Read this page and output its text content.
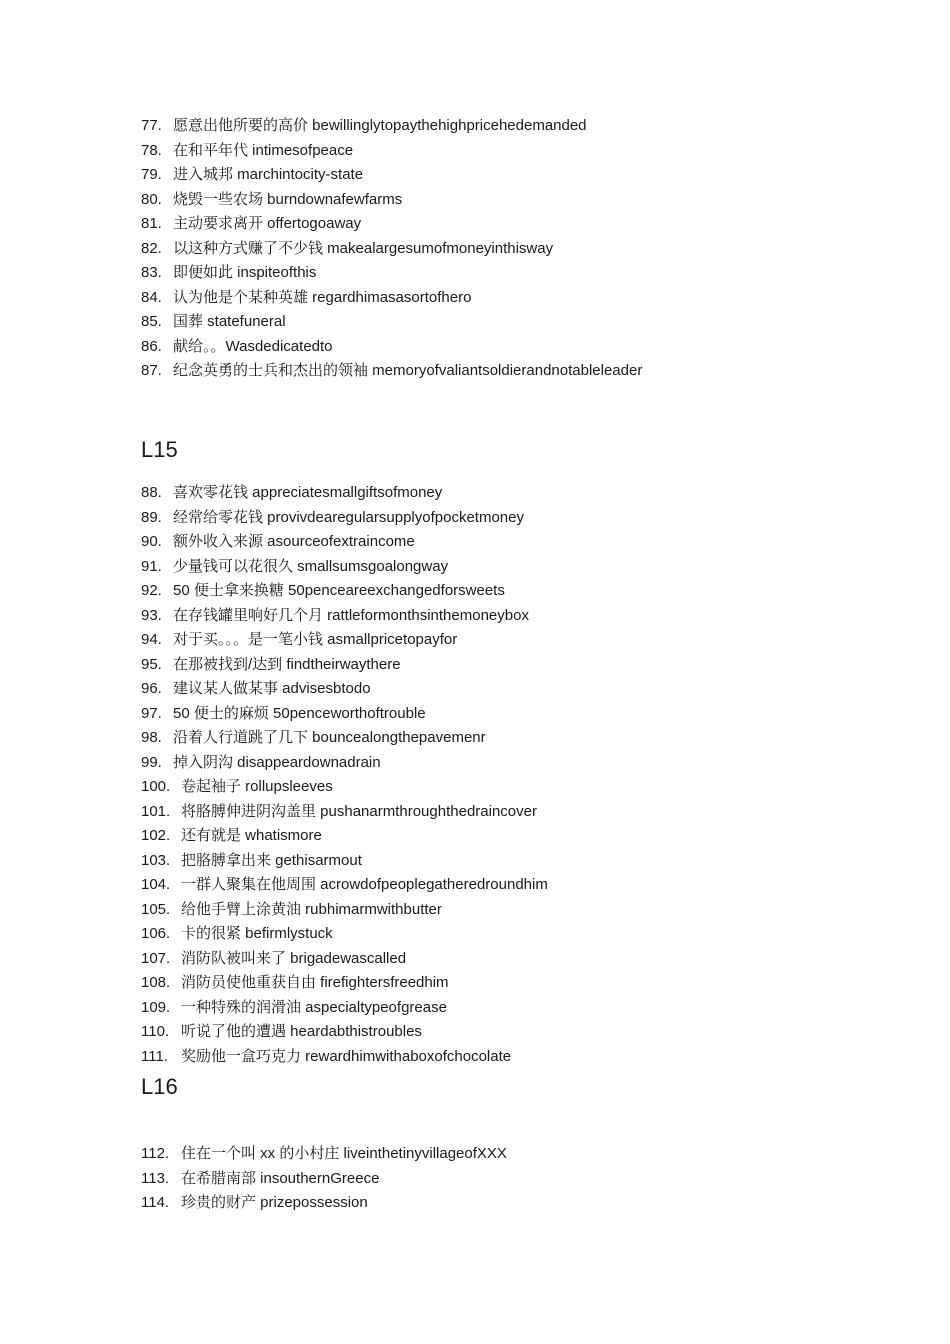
77. 愿意出他所要的高价 bewillinglytopaythehighpricehedemanded
78. 在和平年代 intimesofpeace
79. 进入城邦 marchintocity-state
80. 烧毁一些农场 burndownafewfarms
81. 主动要求离开 offertogoaway
82. 以这种方式赚了不少钱 makealargesumofmoneyinthisway
83. 即便如此 inspiteofthis
84. 认为他是个某种英雄 regardhimasasortofhero
85. 国葬 statefuneral
86. 献给。。Wasdedicatedto
87. 纪念英勇的士兵和杰出的领袖 memoryofvaliantsoldierandnotableleader
L15
88. 喜欢零花钱 appreciatesmallgiftsofmoney
89. 经常给零花钱 provivdearegularsupplyofpocketmoney
90. 额外收入来源 asourceofextraincome
91. 少量钱可以花很久 smallsumsgoalongway
92. 50 便士拿来换糖 50penceareexchangedforsweets
93. 在存钱罐里响好几个月 rattleformonthsinthemoneybox
94. 对于买。。。是一笔小钱 asmallpricetopayfor
95. 在那被找到/达到 findtheirwaythere
96. 建议某人做某事 advisesbtodo
97. 50 便士的麻烦 50penceworthoftrouble
98. 沿着人行道跳了几下 bouncealongthepavemenr
99. 掉入阴沟 disappeardownadrain
100. 卷起袖子 rollupsleeves
101. 将胳膊伸进阴沟盖里 pushanarmthroughthedraincover
102. 还有就是 whatismore
103. 把胳膊拿出来 gethisarmout
104. 一群人聚集在他周围 acrowdofpeoplegatheredroundhim
105. 给他手臂上涂黄油 rubhimarmwithbutter
106. 卡的很紧 befirmlystuck
107. 消防队被叫来了 brigadewascalled
108. 消防员使他重获自由 firefightersfreedhim
109. 一种特殊的润滑油 aspecialtypeofgrease
110. 听说了他的遭遇 heardabthistroubles
111. 奖励他一盒巧克力 rewardhimwithaboxofchocolate
L16
112. 住在一个叫 xx 的小村庄 liveinthetinyvillageofXXX
113. 在希腊南部 insouthernGreece
114. 珍贵的财产 prizepossession
